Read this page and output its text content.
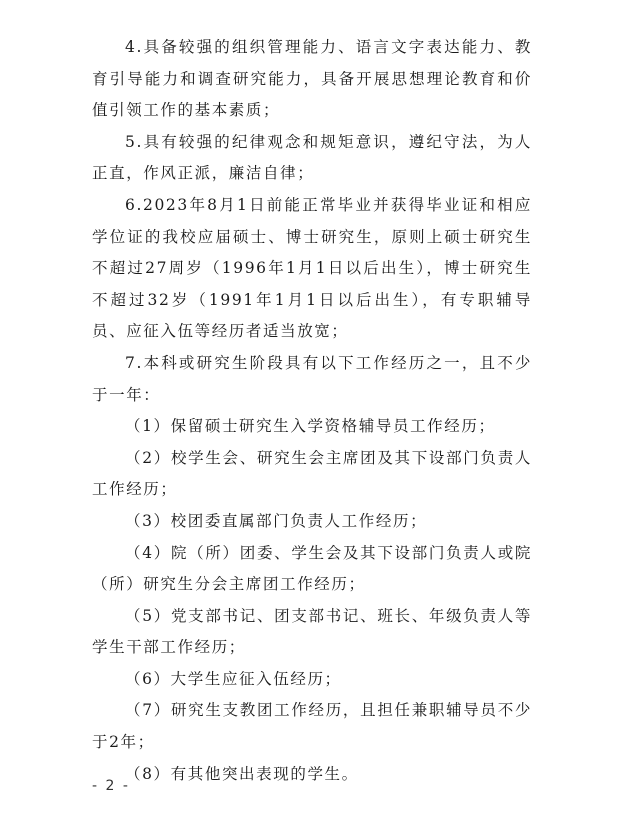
4.具备较强的组织管理能力、语言文字表达能力、教育引导能力和调查研究能力，具备开展思想理论教育和价值引领工作的基本素质；

5.具有较强的纪律观念和规矩意识，遵纪守法，为人正直，作风正派，廉洁自律；

6.2023年8月1日前能正常毕业并获得毕业证和相应学位证的我校应届硕士、博士研究生，原则上硕士研究生不超过27周岁（1996年1月1日以后出生），博士研究生不超过32岁（1991年1月1日以后出生），有专职辅导员、应征入伍等经历者适当放宽；

7.本科或研究生阶段具有以下工作经历之一，且不少于一年：

（1）保留硕士研究生入学资格辅导员工作经历；

（2）校学生会、研究生会主席团及其下设部门负责人工作经历；

（3）校团委直属部门负责人工作经历；

（4）院（所）团委、学生会及其下设部门负责人或院（所）研究生分会主席团工作经历；

（5）党支部书记、团支部书记、班长、年级负责人等学生干部工作经历；

（6）大学生应征入伍经历；

（7）研究生支教团工作经历，且担任兼职辅导员不少于2年；

（8）有其他突出表现的学生。

- 2 -
